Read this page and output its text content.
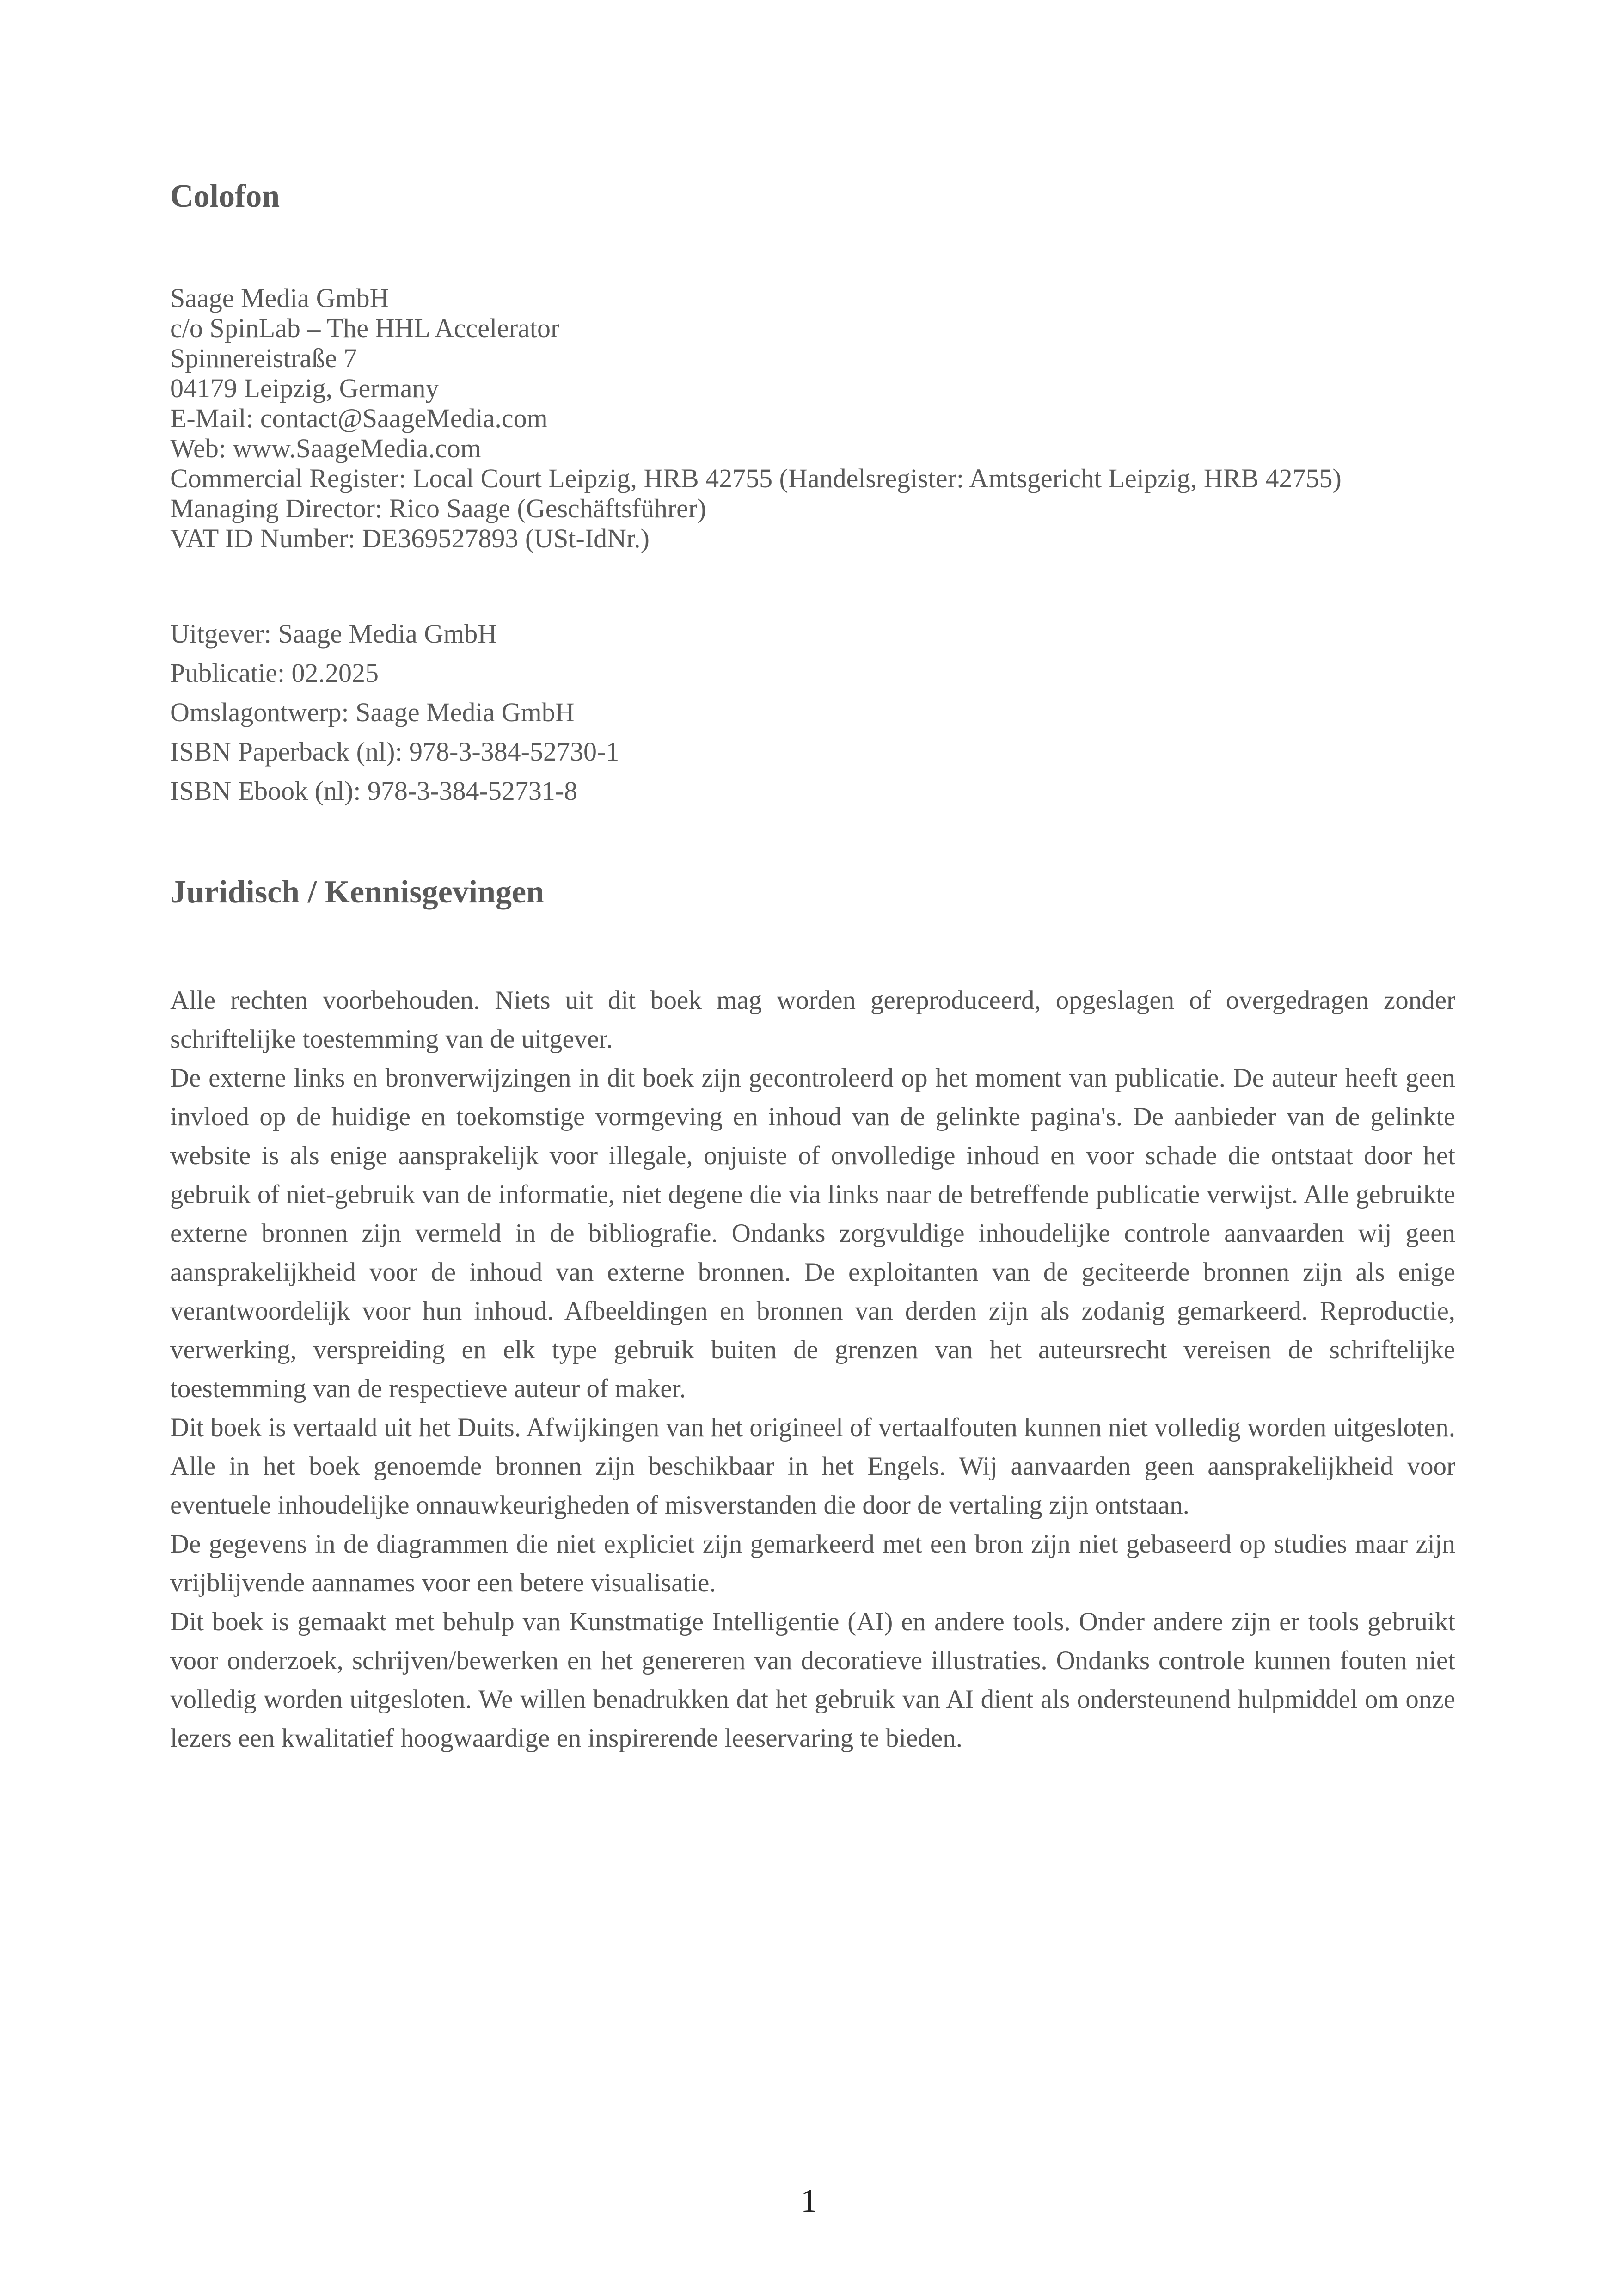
Colofon
Saage Media GmbH
c/o SpinLab – The HHL Accelerator
Spinnereistraße 7
04179 Leipzig, Germany
E-Mail: contact@SaageMedia.com
Web: www.SaageMedia.com
Commercial Register: Local Court Leipzig, HRB 42755 (Handelsregister: Amtsgericht Leipzig, HRB 42755)
Managing Director: Rico Saage (Geschäftsführer)
VAT ID Number: DE369527893 (USt-IdNr.)
Uitgever: Saage Media GmbH
Publicatie: 02.2025
Omslagontwerp: Saage Media GmbH
ISBN Paperback (nl): 978-3-384-52730-1
ISBN Ebook (nl): 978-3-384-52731-8
Juridisch / Kennisgevingen

Alle rechten voorbehouden. Niets uit dit boek mag worden gereproduceerd, opgeslagen of overgedragen zonder schriftelijke toestemming van de uitgever.

De externe links en bronverwijzingen in dit boek zijn gecontroleerd op het moment van publicatie. De auteur heeft geen invloed op de huidige en toekomstige vormgeving en inhoud van de gelinkte pagina's. De aanbieder van de gelinkte website is als enige aansprakelijk voor illegale, onjuiste of onvolledige inhoud en voor schade die ontstaat door het gebruik of niet-gebruik van de informatie, niet degene die via links naar de betreffende publicatie verwijst. Alle gebruikte externe bronnen zijn vermeld in de bibliografie. Ondanks zorgvuldige inhoudelijke controle aanvaarden wij geen aansprakelijkheid voor de inhoud van externe bronnen. De exploitanten van de geciteerde bronnen zijn als enige verantwoordelijk voor hun inhoud. Afbeeldingen en bronnen van derden zijn als zodanig gemarkeerd. Reproductie, verwerking, verspreiding en elk type gebruik buiten de grenzen van het auteursrecht vereisen de schriftelijke toestemming van de respectieve auteur of maker.

Dit boek is vertaald uit het Duits. Afwijkingen van het origineel of vertaalfouten kunnen niet volledig worden uitgesloten. Alle in het boek genoemde bronnen zijn beschikbaar in het Engels. Wij aanvaarden geen aansprakelijkheid voor eventuele inhoudelijke onnauwkeurigheden of misverstanden die door de vertaling zijn ontstaan.

De gegevens in de diagrammen die niet expliciet zijn gemarkeerd met een bron zijn niet gebaseerd op studies maar zijn vrijblijvende aannames voor een betere visualisatie.

Dit boek is gemaakt met behulp van Kunstmatige Intelligentie (AI) en andere tools. Onder andere zijn er tools gebruikt voor onderzoek, schrijven/bewerken en het genereren van decoratieve illustraties. Ondanks controle kunnen fouten niet volledig worden uitgesloten. We willen benadrukken dat het gebruik van AI dient als ondersteunend hulpmiddel om onze lezers een kwalitatief hoogwaardige en inspirerende leeservaring te bieden.

1
